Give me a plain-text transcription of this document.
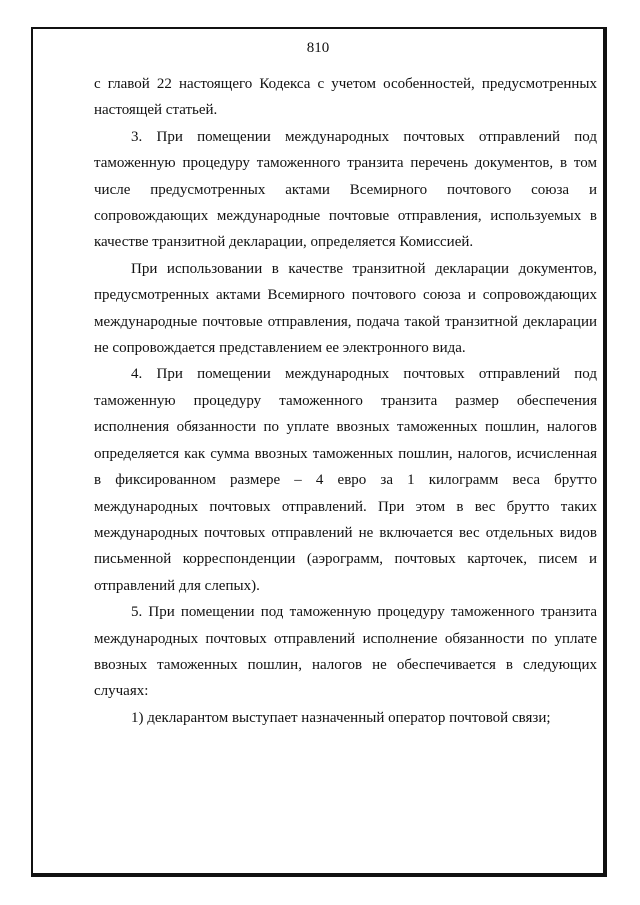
810

с главой 22 настоящего Кодекса с учетом особенностей, предусмотренных настоящей статьей.

3. При помещении международных почтовых отправлений под таможенную процедуру таможенного транзита перечень документов, в том числе предусмотренных актами Всемирного почтового союза и сопровождающих международные почтовые отправления, используемых в качестве транзитной декларации, определяется Комиссией.

При использовании в качестве транзитной декларации документов, предусмотренных актами Всемирного почтового союза и сопровождающих международные почтовые отправления, подача такой транзитной декларации не сопровождается представлением ее электронного вида.

4. При помещении международных почтовых отправлений под таможенную процедуру таможенного транзита размер обеспечения исполнения обязанности по уплате ввозных таможенных пошлин, налогов определяется как сумма ввозных таможенных пошлин, налогов, исчисленная в фиксированном размере – 4 евро за 1 килограмм веса брутто международных почтовых отправлений. При этом в вес брутто таких международных почтовых отправлений не включается вес отдельных видов письменной корреспонденции (аэрограмм, почтовых карточек, писем и отправлений для слепых).

5. При помещении под таможенную процедуру таможенного транзита международных почтовых отправлений исполнение обязанности по уплате ввозных таможенных пошлин, налогов не обеспечивается в следующих случаях:

1) декларантом выступает назначенный оператор почтовой связи;
